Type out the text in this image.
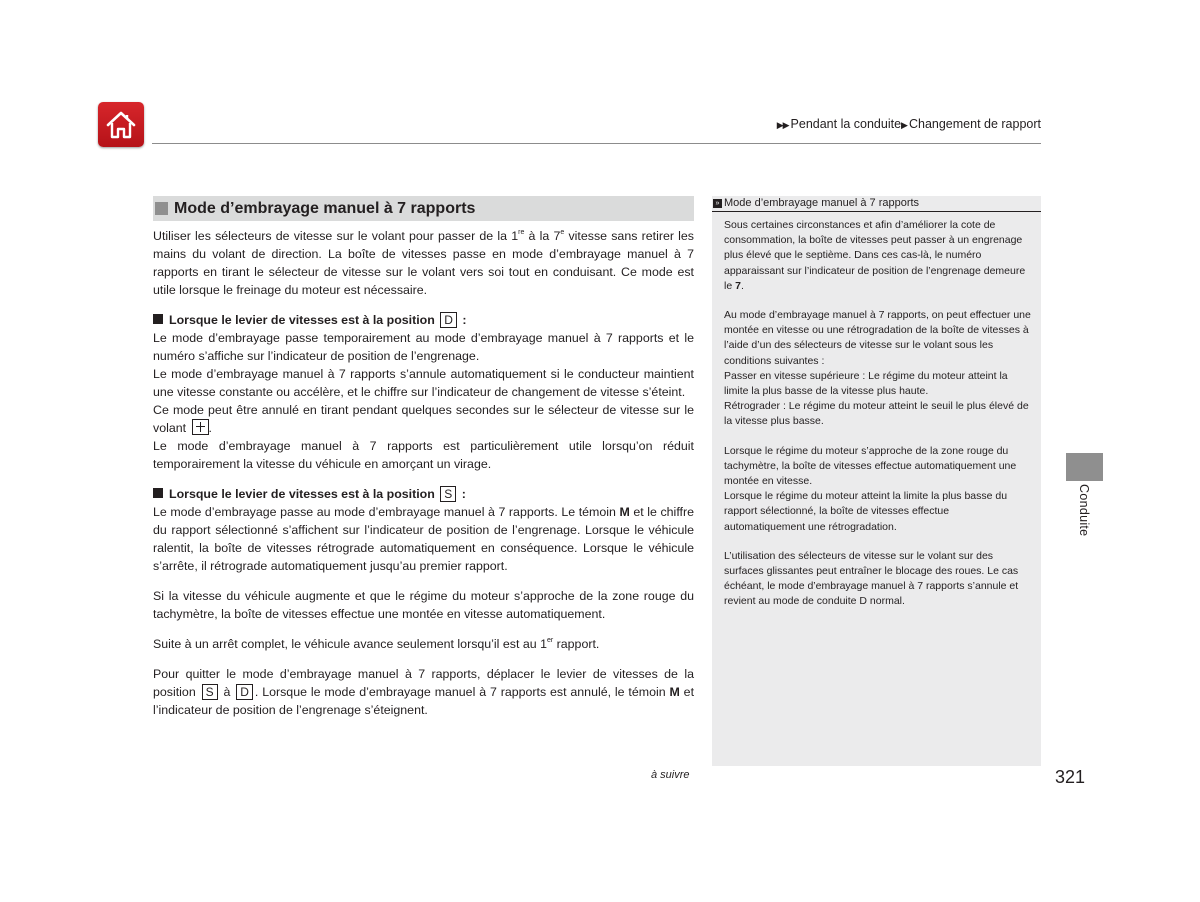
▶▶ Pendant la conduite▶ Changement de rapport
Mode d’embrayage manuel à 7 rapports

Utiliser les sélecteurs de vitesse sur le volant pour passer de la 1re à la 7e vitesse sans retirer les mains du volant de direction. La boîte de vitesses passe en mode d’embrayage manuel à 7 rapports en tirant le sélecteur de vitesse sur le volant vers soi tout en conduisant. Ce mode est utile lorsque le freinage du moteur est nécessaire.

Lorsque le levier de vitesses est à la position D :

Le mode d’embrayage passe temporairement au mode d’embrayage manuel à 7 rapports et le numéro s’affiche sur l’indicateur de position de l’engrenage.

Le mode d’embrayage manuel à 7 rapports s’annule automatiquement si le conducteur maintient une vitesse constante ou accélère, et le chiffre sur l’indicateur de changement de vitesse s’éteint.

Ce mode peut être annulé en tirant pendant quelques secondes sur le sélecteur de vitesse sur le volant .

Le mode d’embrayage manuel à 7 rapports est particulièrement utile lorsqu’on réduit temporairement la vitesse du véhicule en amorçant un virage.

Lorsque le levier de vitesses est à la position S :

Le mode d’embrayage passe au mode d’embrayage manuel à 7 rapports. Le témoin M et le chiffre du rapport sélectionné s’affichent sur l’indicateur de position de l’engrenage. Lorsque le véhicule ralentit, la boîte de vitesses rétrograde automatiquement en conséquence. Lorsque le véhicule s’arrête, il rétrograde automatiquement jusqu’au premier rapport.

Si la vitesse du véhicule augmente et que le régime du moteur s’approche de la zone rouge du tachymètre, la boîte de vitesses effectue une montée en vitesse automatiquement.

Suite à un arrêt complet, le véhicule avance seulement lorsqu’il est au 1er rapport.

Pour quitter le mode d’embrayage manuel à 7 rapports, déplacer le levier de vitesses de la position S à D . Lorsque le mode d’embrayage manuel à 7 rapports est annulé, le témoin M et l’indicateur de position de l’engrenage s’éteignent.

» Mode d’embrayage manuel à 7 rapports

Sous certaines circonstances et afin d’améliorer la cote de consommation, la boîte de vitesses peut passer à un engrenage plus élevé que le septième. Dans ces cas-là, le numéro apparaissant sur l’indicateur de position de l’engrenage demeure le 7.

Au mode d’embrayage manuel à 7 rapports, on peut effectuer une montée en vitesse ou une rétrogradation de la boîte de vitesses à l’aide d’un des sélecteurs de vitesse sur le volant sous les conditions suivantes :

Passer en vitesse supérieure : Le régime du moteur atteint la limite la plus basse de la vitesse plus haute.

Rétrograder : Le régime du moteur atteint le seuil le plus élevé de la vitesse plus basse.

Lorsque le régime du moteur s’approche de la zone rouge du tachymètre, la boîte de vitesses effectue automatiquement une montée en vitesse.

Lorsque le régime du moteur atteint la limite la plus basse du rapport sélectionné, la boîte de vitesses effectue automatiquement une rétrogradation.

L’utilisation des sélecteurs de vitesse sur le volant sur des surfaces glissantes peut entraîner le blocage des roues. Le cas échéant, le mode d’embrayage manuel à 7 rapports s’annule et revient au mode de conduite D normal.

Conduite
à suivre	321
